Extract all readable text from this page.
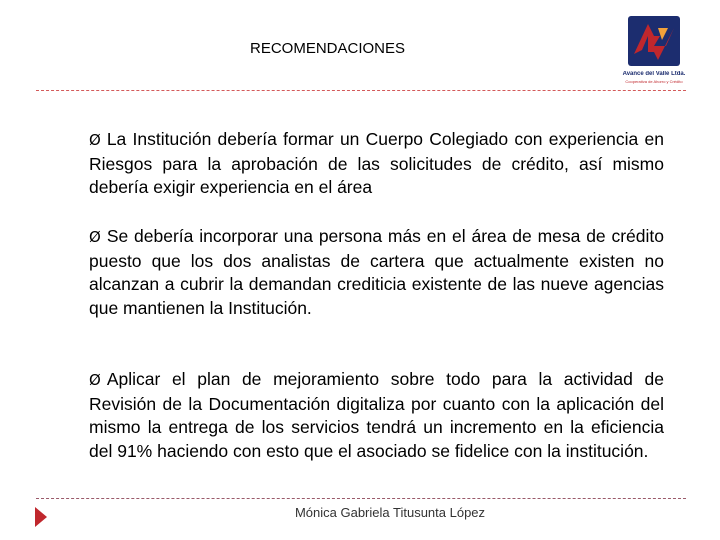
RECOMENDACIONES
Avance del Valle Ltda.
Cooperativa de Ahorro y Crédito

Ø La Institución debería formar un Cuerpo Colegiado con experiencia en Riesgos para la aprobación de las solicitudes de crédito, así mismo debería exigir experiencia en el área

Ø Se debería incorporar una persona más en el área de mesa de crédito puesto que los dos analistas de cartera que actualmente existen no alcanzan a cubrir la demandan crediticia existente de las nueve agencias que mantienen la Institución.

Ø Aplicar el plan de mejoramiento sobre todo para la actividad de Revisión de la Documentación digitaliza por cuanto con la aplicación del mismo la entrega de los servicios tendrá un incremento en la eficiencia del 91% haciendo con esto que el asociado se fidelice con la institución.

Mónica Gabriela Titusunta López
